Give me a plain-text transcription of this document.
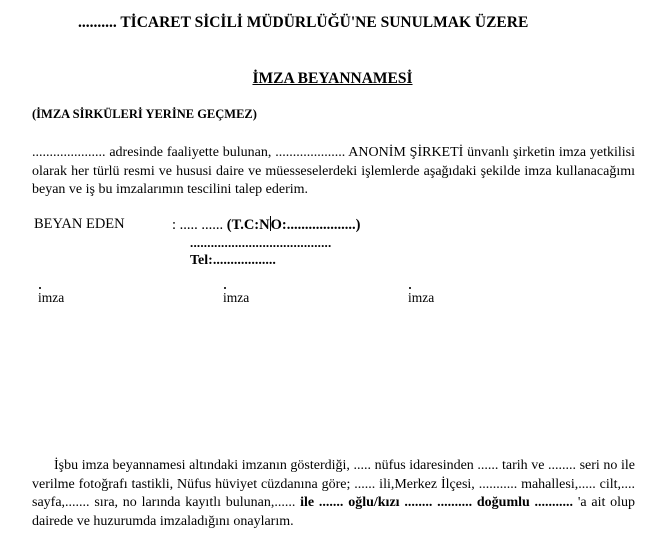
.......... TİCARET SİCİLİ MÜDÜRLÜĞÜ'NE SUNULMAK ÜZERE
İMZA BEYANNAMESİ
(İMZA SİRKÜLERİ YERİNE GEÇMEZ)
..................... adresinde faaliyette bulunan, .................... ANONİM ŞİRKETİ ünvanlı şirketin imza yetkilisi olarak her türlü resmi ve hususi daire ve müesseselerdeki işlemlerde aşağıdaki şekilde imza kullanacağımı beyan ve iş bu imzalarımın tescilini talep ederim.
BEYAN EDEN	: ..... ...... (T.C:NO:...................)
.........................................
Tel:..................
imza	imza	imza
İşbu imza beyannamesi altındaki imzanın gösterdiği, ..... nüfus idaresinden ...... tarih ve ........ seri no ile verilme fotoğrafı tastikli, Nüfus hüviyet cüzdanına göre; ...... ili,Merkez İlçesi, ........... mahallesi,..... cilt,.... sayfa,....... sıra, no larında kayıtlı bulunan,...... ile ....... oğlu/kızı ........ .......... doğumlu ........... 'a ait olup dairede ve huzurumda imzaladığını onaylarım.
